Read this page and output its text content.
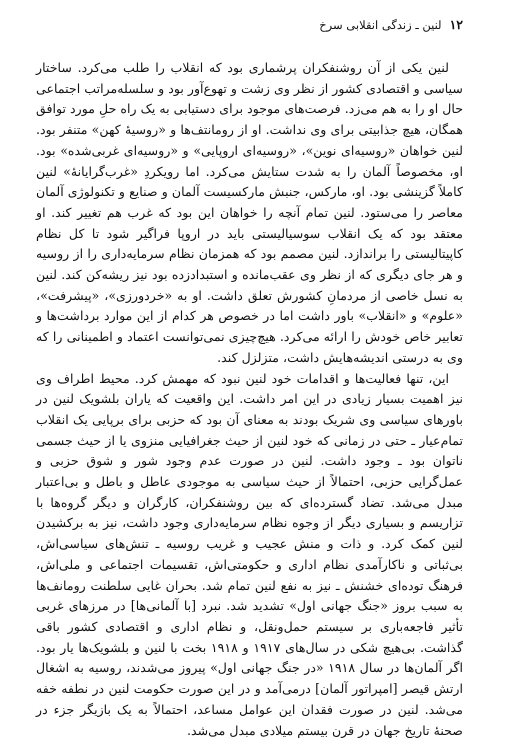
۱۲
لنین ـ زندگی انقلابی سرخ

لنین یکی از آن روشنفکران پرشماری بود که انقلاب را طلب می‌کرد. ساختار سیاسی و اقتصادی کشور از نظر وی زشت و تهوع‌آور بود و سلسله‌مراتب اجتماعی حال او را به هم می‌زد. فرصت‌های موجود برای دستیابی به یک راه حلِ مورد توافق همگان، هیچ جذابیتی برای وی نداشت. او از رومانتف‌ها و «روسیهٔ کهن» متنفر بود. لنین خواهان «روسیه‌ای نوین»، «روسیه‌ای اروپایی» و «روسیه‌ای غربی‌شده» بود. او، مخصوصاً آلمان را به شدت ستایش می‌کرد. اما رویکردِ «غرب‌گرایانهٔ» لنین کاملاً گزینشی بود. او، مارکس، جنبش مارکسیست آلمان و صنایع و تکنولوژی آلمان معاصر را می‌ستود. لنین تمام آنچه را خواهان این بود که غرب هم تغییر کند. او معتقد بود که یک انقلاب سوسیالیستی باید در اروپا فراگیر شود تا کل نظام کاپیتالیستی را براندازد. لنین مصمم بود که همزمان نظام سرمایه‌داری را از روسیه و هر جای دیگری که از نظر وی عقب‌مانده و استبدادزده بود نیز ریشه‌کن کند. لنین به نسل خاصی از مردمانِ کشورش تعلق داشت. او به «خردورزی»، «پیشرفت»، «علوم» و «انقلاب» باور داشت اما در خصوص هر کدام از این موارد برداشت‌ها و تعابیر خاص خودش را ارائه می‌کرد. هیچ‌چیزی نمی‌توانست اعتماد و اطمینانی را که وی به درستی اندیشه‌هایش داشت، متزلزل کند.

این، تنها فعالیت‌ها و اقدامات خود لنین نبود که مهمش کرد. محیط اطراف وی نیز اهمیت بسیار زیادی در این امر داشت. این واقعیت که یاران بلشویک لنین در باورهای سیاسی وی شریک بودند به معنای آن بود که حزبی برای برپایی یک انقلاب تمام‌عیار ـ حتی در زمانی که خود لنین از حیث جغرافیایی منزوی یا از حیث جسمی ناتوان بود ـ وجود داشت. لنین در صورت عدم وجود شور و شوق حزبی و عمل‌گرایی حزبی، احتمالاً از حیث سیاسی به موجودی عاطل و باطل و بی‌اعتبار مبدل می‌شد. تضاد گسترده‌ای که بین روشنفکران، کارگران و دیگر گروه‌ها با تزاریسم و بسیاری دیگر از وجوه نظام سرمایه‌داری وجود داشت، نیز به برکشیدن لنین کمک کرد. و ذات و منش عجیب و غریب روسیه ـ تنش‌های سیاسی‌اش، بی‌ثباتی و ناکارآمدی نظام اداری و حکومتی‌اش، تقسیمات اجتماعی و ملی‌اش، فرهنگ توده‌ای خشنش ـ نیز به نفع لنین تمام شد. بحران غایی سلطنت رومانف‌ها به سبب بروز «جنگ جهانی اول» تشدید شد. نبرد [با آلمانی‌ها] در مرزهای غربی تأثیر فاجعه‌باری بر سیستم حمل‌ونقل، و نظام اداری و اقتصادی کشور باقی گذاشت. بی‌هیچ شکی در سال‌های ۱۹۱۷ و ۱۹۱۸ بخت با لنین و بلشویک‌ها یار بود. اگر آلمان‌ها در سال ۱۹۱۸ «در جنگ جهانی اول» پیروز می‌شدند، روسیه به اشغال ارتش قیصر [امپراتور آلمان] درمی‌آمد و در این صورت حکومت لنین در نطفه خفه می‌شد. لنین در صورت فقدان این عوامل مساعد، احتمالاً به یک بازیگر جزء در صحنهٔ تاریخ جهان در قرن بیستم میلادی مبدل می‌شد.
